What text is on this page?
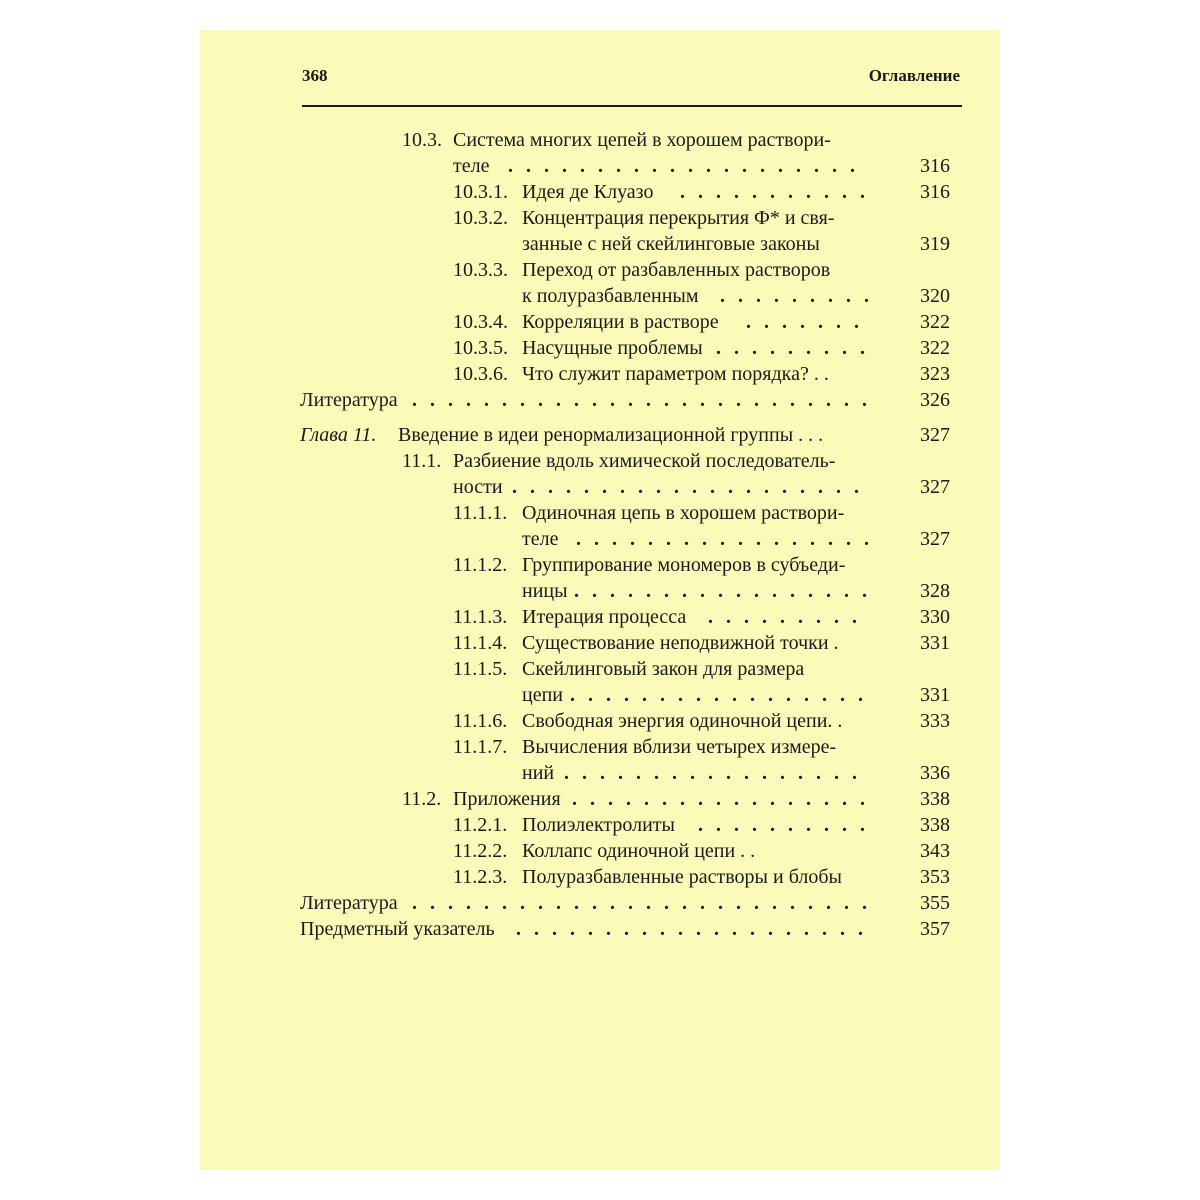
368	Оглавление
10.3. Система многих цепей в хорошем раствори-
теле . . .	316
10.3.1. Идея де Клуазо . . .	316
10.3.2. Концентрация перекрытия Ф* и свя-
занные с ней скейлинговые законы	319
10.3.3. Переход от разбавленных растворов
к полуразбавленным . . .	320
10.3.4. Корреляции в растворе . . .	322
10.3.5. Насущные проблемы . . .	322
10.3.6. Что служит параметром порядка? . .	323
Литература . . .	326
Глава 11. Введение в идеи ренормализационной группы . . .	327
11.1. Разбиение вдоль химической последователь-
ности . . .	327
11.1.1. Одиночная цепь в хорошем раствори-
теле . . .	327
11.1.2. Группирование мономеров в субъеди-
ницы . . .	328
11.1.3. Итерация процесса . . .	330
11.1.4. Существование неподвижной точки .	331
11.1.5. Скейлинговый закон для размера
цепи . . .	331
11.1.6. Свободная энергия одиночной цепи. .	333
11.1.7. Вычисления вблизи четырех измере-
ний . . .	336
11.2. Приложения . . .	338
11.2.1. Полиэлектролиты . . .	338
11.2.2. Коллапс одиночной цепи . .	343
11.2.3. Полуразбавленные растворы и блобы	353
Литература . . .	355
Предметный указатель . . .	357
